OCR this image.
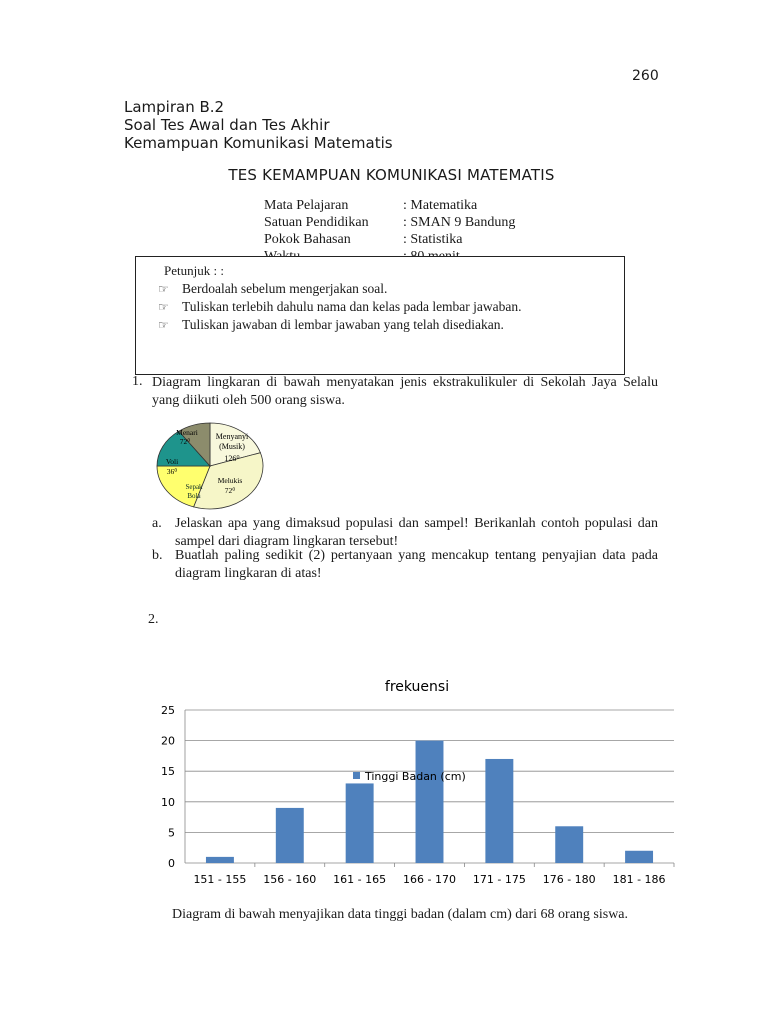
260
Lampiran B.2
Soal Tes Awal dan Tes Akhir
Kemampuan Komunikasi Matematis
TES KEMAMPUAN KOMUNIKASI MATEMATIS
Mata Pelajaran	: Matematika
Satuan Pendidikan : SMAN 9 Bandung
Pokok Bahasan	: Statistika
Petunjuk : :
☞ Berdoalah sebelum mengerjakan soal.
☞ Tuliskan terlebih dahulu nama dan kelas pada lembar jawaban.
☞ Tuliskan jawaban di lembar jawaban yang telah disediakan.
1. Diagram lingkaran di bawah menyatakan jenis ekstrakulikuler di Sekolah Jaya Selalu yang diikuti oleh 500 orang siswa.
Menari
72⁰
Menyanyi (Musik)
126⁰
Melukis
72⁰
Sepak Bola
Voli
36⁰
a. Jelaskan apa yang dimaksud populasi dan sampel! Berikanlah contoh populasi dan sampel dari diagram lingkaran tersebut!
b. Buatlah paling sedikit (2) pertanyaan yang mencakup tentang penyajian data pada diagram lingkaran di atas!
2.
frekuensi
0
5
10
15
20
25
151 - 155 156 - 160 161 - 165 166 - 170 171 - 175 176 - 180 181 - 186
Tinggi Badan (cm)
Diagram di bawah menyajikan data tinggi badan (dalam cm) dari 68 orang siswa.
